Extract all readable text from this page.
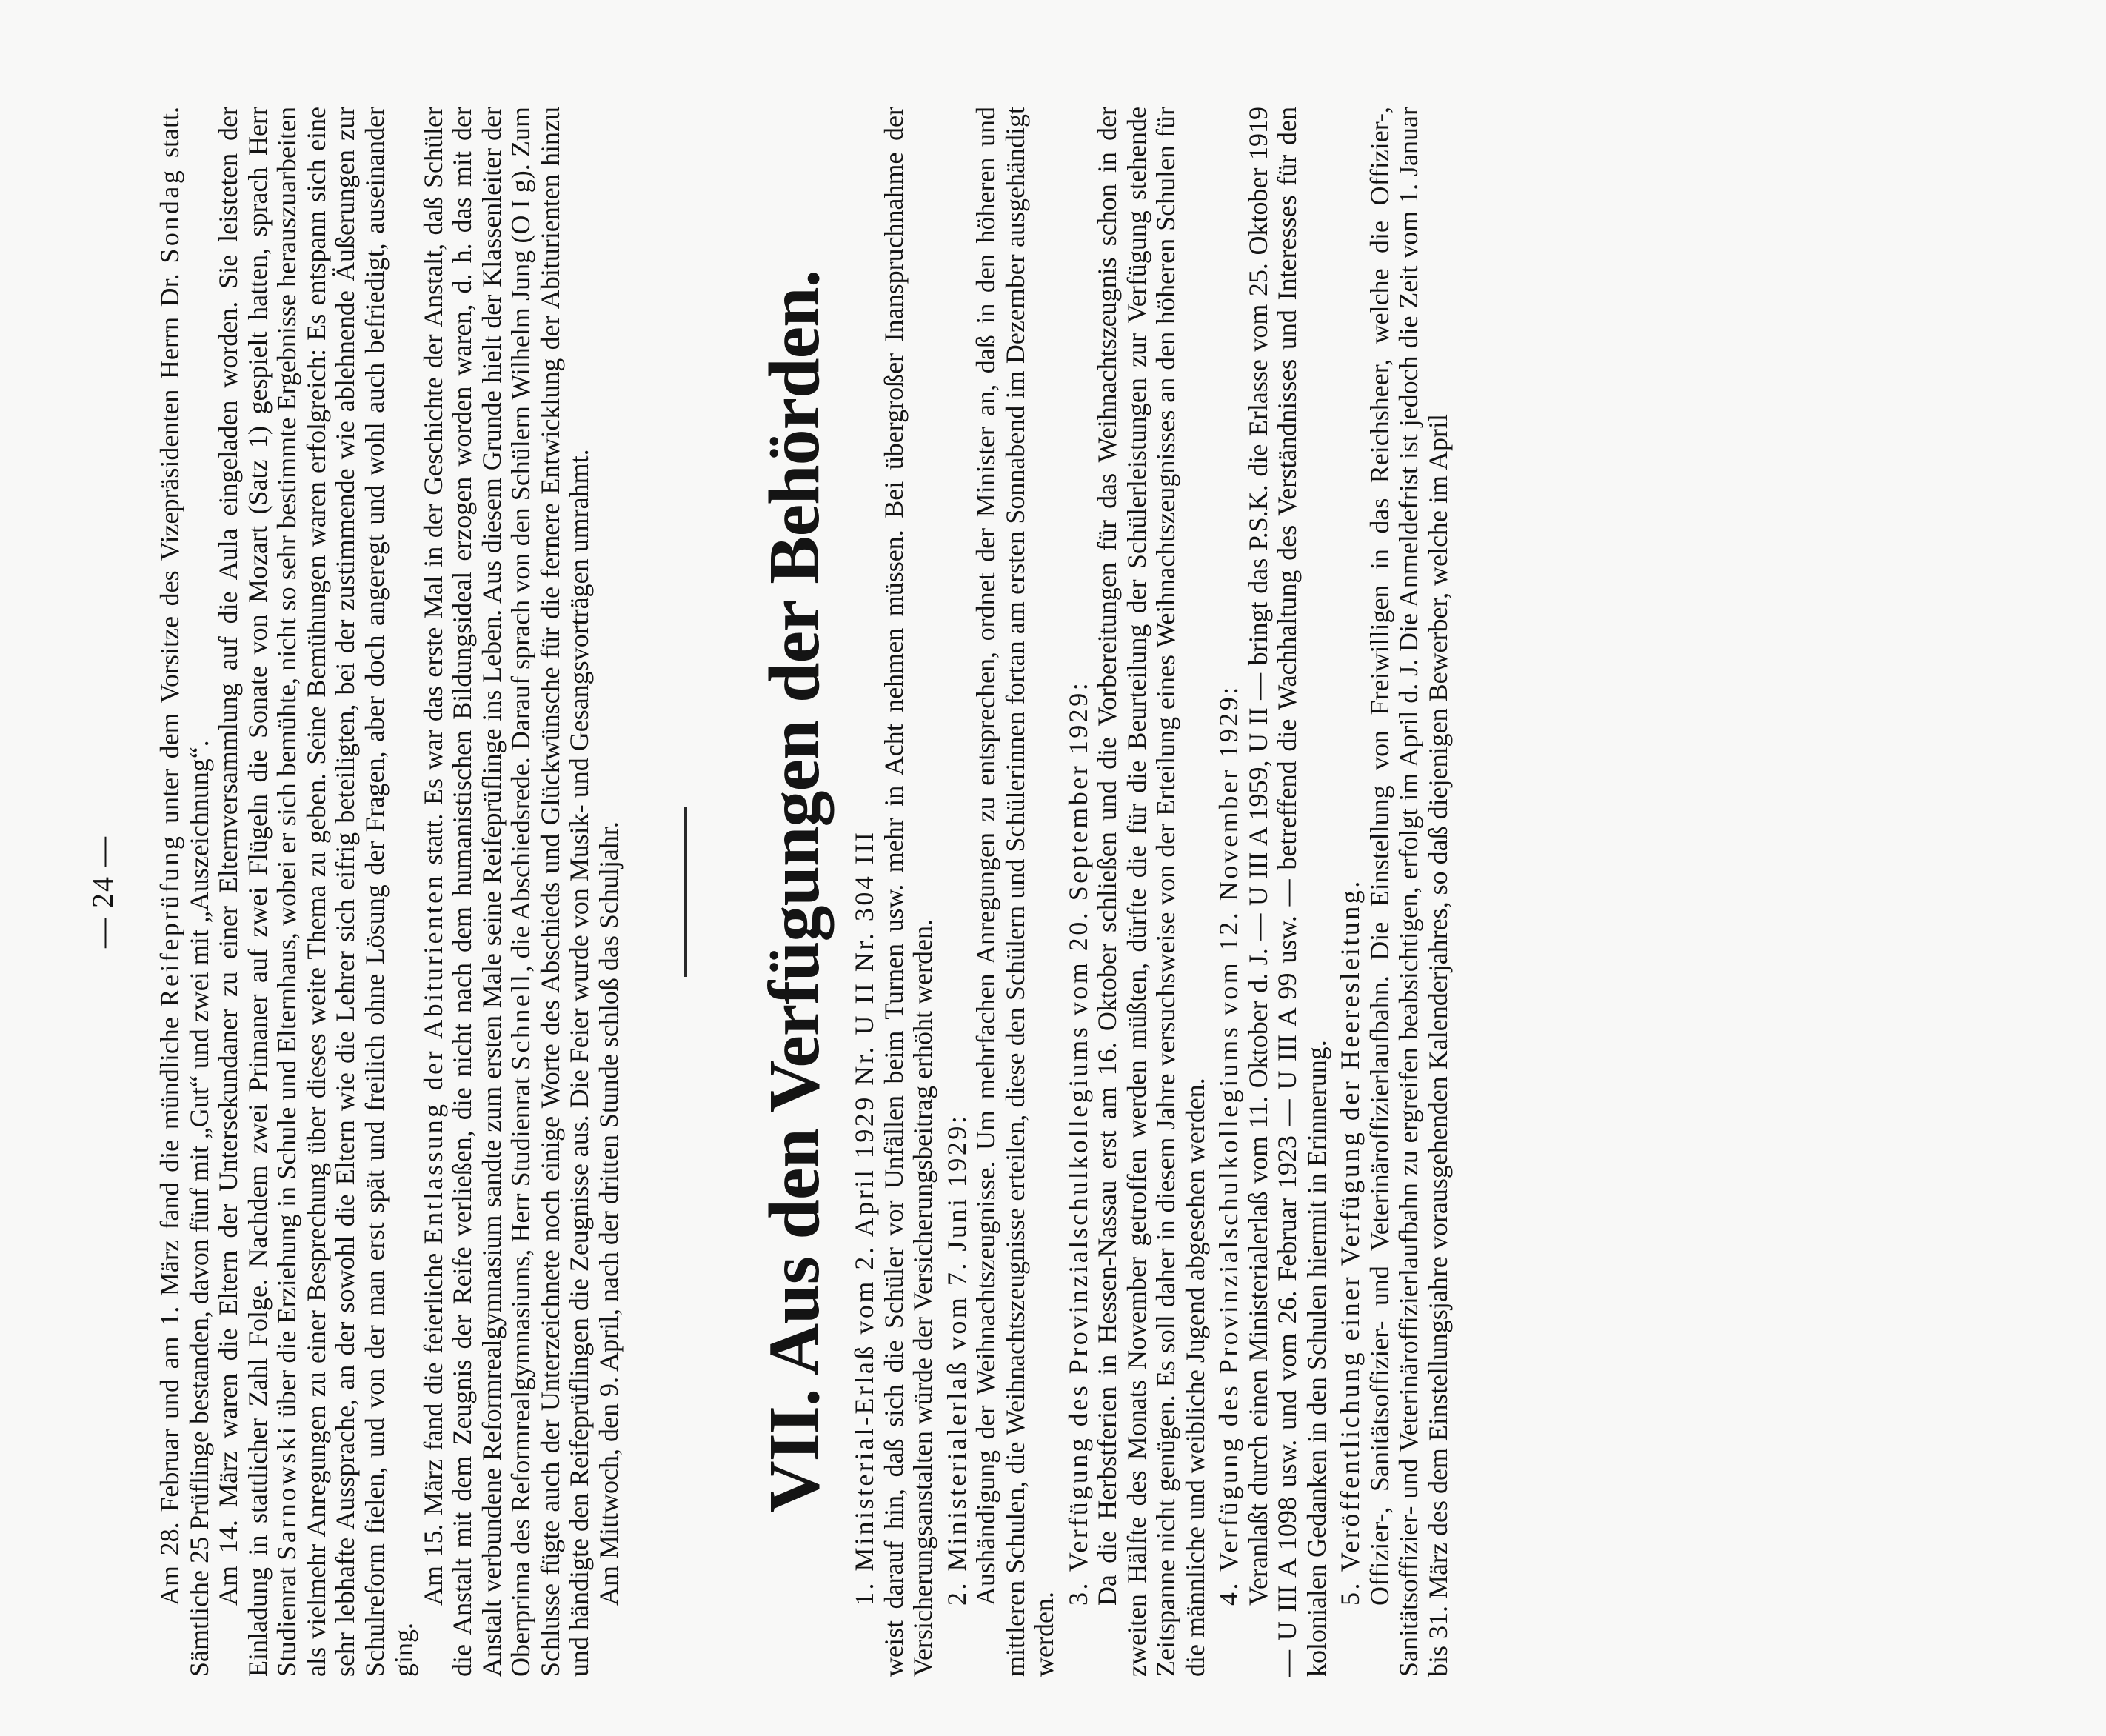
— 24 —

Am 28. Februar und am 1. März fand die mündliche Reifeprüfung unter dem Vorsitze des Vizepräsidenten Herrn Dr. Sondag statt. Sämtliche 25 Prüflinge bestanden, davon fünf mit „Gut“ und zwei mit „Auszeichnung“. Am 14. März waren die Eltern der Untersekundaner zu einer Elternversammlung auf die Aula eingeladen worden. Sie leisteten der Einladung in stattlicher Zahl Folge. Nachdem zwei Primaner auf zwei Flügeln die Sonate von Mozart (Satz 1) gespielt hatten, sprach Herr Studienrat Sarnowski über die Erziehung in Schule und Elternhaus, wobei er sich bemühte, nicht so sehr bestimmte Ergebnisse herauszuarbeiten als vielmehr Anregungen zu einer Besprechung über dieses weite Thema zu geben. Seine Bemühungen waren erfolgreich: Es entspann sich eine sehr lebhafte Aussprache, an der sowohl die Eltern wie die Lehrer sich eifrig beteiligten, bei der zustimmende wie ablehnende Äußerungen zur Schulreform fielen, und von der man erst spät und freilich ohne Lösung der Fragen, aber doch angeregt und wohl auch befriedigt, auseinander ging.

Am 15. März fand die feierliche Entlassung der Abiturienten statt. Es war das erste Mal in der Geschichte der Anstalt, daß Schüler die Anstalt mit dem Zeugnis der Reife verließen, die nicht nach dem humanistischen Bildungsideal erzogen worden waren, d. h. das mit der Anstalt verbundene Reformrealgymnasium sandte zum ersten Male seine Reifeprüflinge ins Leben. Aus diesem Grunde hielt der Klassenleiter der Oberprima des Reformrealgymnasiums, Herr Studienrat Schnell, die Abschiedsrede. Darauf sprach von den Schülern Wilhelm Jung (O I g). Zum Schlusse fügte auch der Unterzeichnete noch einige Worte des Abschieds und Glückwünsche für die fernere Entwicklung der Abiturienten hinzu und händigte den Reifeprüflingen die Zeugnisse aus. Die Feier wurde von Musik- und Gesangsvorträgen umrahmt. Am Mittwoch, den 9. April, nach der dritten Stunde schloß das Schuljahr. VII. Aus den Verfügungen der Behörden. 1. Ministerial-Erlaß vom 2. April 1929 Nr. U II Nr. 304 III weist darauf hin, daß sich die Schüler vor Unfällen beim Turnen usw. mehr in Acht nehmen müssen. Bei übergroßer Inanspruchnahme der Versicherungsanstalten würde der Versicherungsbeitrag erhöht werden. 2. Ministerialerlaß vom 7. Juni 1929: Aushändigung der Weihnachtszeugnisse. Um mehrfachen Anregungen zu entsprechen, ordnet der Minister an, daß in den höheren und mittleren Schulen, die Weihnachtszeugnisse erteilen, diese den Schülern und Schülerinnen fortan am ersten Sonnabend im Dezember ausgehändigt werden.

3. Verfügung des Provinzialschulkollegiums vom 20. September 1929: Da die Herbstferien in Hessen-Nassau erst am 16. Oktober schließen und die Vorbereitungen für das Weihnachtszeugnis schon in der zweiten Hälfte des Monats November getroffen werden müßten, dürfte die für die Beurteilung der Schülerleistungen zur Verfügung stehende Zeitspanne nicht genügen. Es soll daher in diesem Jahre versuchsweise von der Erteilung eines Weihnachtszeugnisses an den höheren Schulen für die männliche und weibliche Jugend abgesehen werden. 4. Verfügung des Provinzialschulkollegiums vom 12. November 1929: Veranlaßt durch einen Ministerialerlaß vom 11. Oktober d. J. — U III A 1959, U II — bringt das P.S.K. die Erlasse vom 25. Oktober 1919 — U III A 1098 usw. und vom 26. Februar 1923 — U III A 99 usw. — betreffend die Wachhaltung des Verständnisses und Interesses für den kolonialen Gedanken in den Schulen hiermit in Erinnerung. 5. Veröffentlichung einer Verfügung der Heeresleitung. Offizier-, Sanitätsoffizier- und Veterinäroffizierlaufbahn. Die Einstellung von Freiwilligen in das Reichsheer, welche die Offizier-, Sanitätsoffizier- und Veterinäroffizierlaufbahn zu ergreifen beabsichtigen, erfolgt im April d. J. Die Anmeldefrist ist jedoch die Zeit vom 1. Januar bis 31. März des dem Einstellungsjahre vorausgehenden Kalenderjahres, so daß diejenigen Bewerber, welche im April
